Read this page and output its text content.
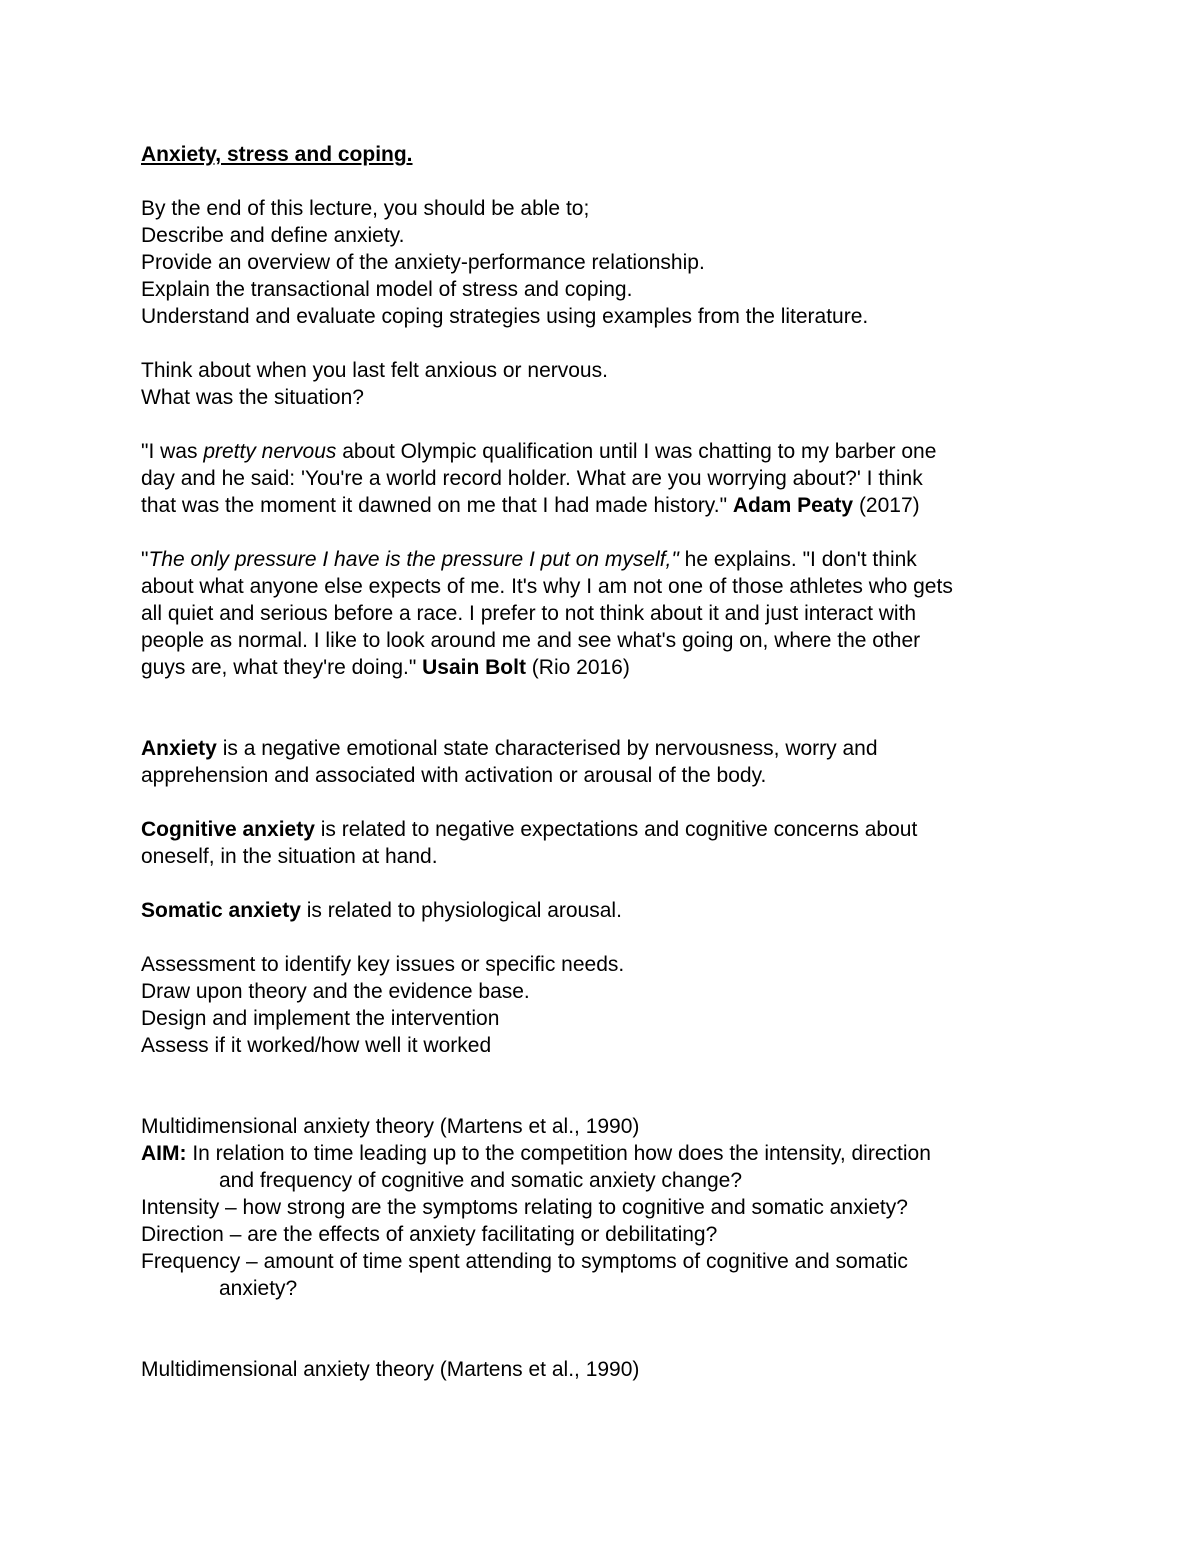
Anxiety, stress and coping.
By the end of this lecture, you should be able to;
Describe and define anxiety.
Provide an overview of the anxiety-performance relationship.
Explain the transactional model of stress and coping.
Understand and evaluate coping strategies using examples from the literature.
Think about when you last felt anxious or nervous.
What was the situation?
"I was pretty nervous about Olympic qualification until I was chatting to my barber one
day and he said: 'You're a world record holder. What are you worrying about?' I think
that was the moment it dawned on me that I had made history." Adam Peaty (2017)
"The only pressure I have is the pressure I put on myself," he explains. "I don't think
about what anyone else expects of me. It's why I am not one of those athletes who gets
all quiet and serious before a race. I prefer to not think about it and just interact with
people as normal. I like to look around me and see what's going on, where the other
guys are, what they're doing." Usain Bolt (Rio 2016)
Anxiety is a negative emotional state characterised by nervousness, worry and
apprehension and associated with activation or arousal of the body.
Cognitive anxiety is related to negative expectations and cognitive concerns about
oneself, in the situation at hand.
Somatic anxiety is related to physiological arousal.
Assessment to identify key issues or specific needs.
Draw upon theory and the evidence base.
Design and implement the intervention
Assess if it worked/how well it worked
Multidimensional anxiety theory (Martens et al., 1990)
AIM: In relation to time leading up to the competition how does the intensity, direction
and frequency of cognitive and somatic anxiety change?
Intensity – how strong are the symptoms relating to cognitive and somatic anxiety?
Direction – are the effects of anxiety facilitating or debilitating?
Frequency – amount of time spent attending to symptoms of cognitive and somatic
anxiety?
Multidimensional anxiety theory (Martens et al., 1990)
